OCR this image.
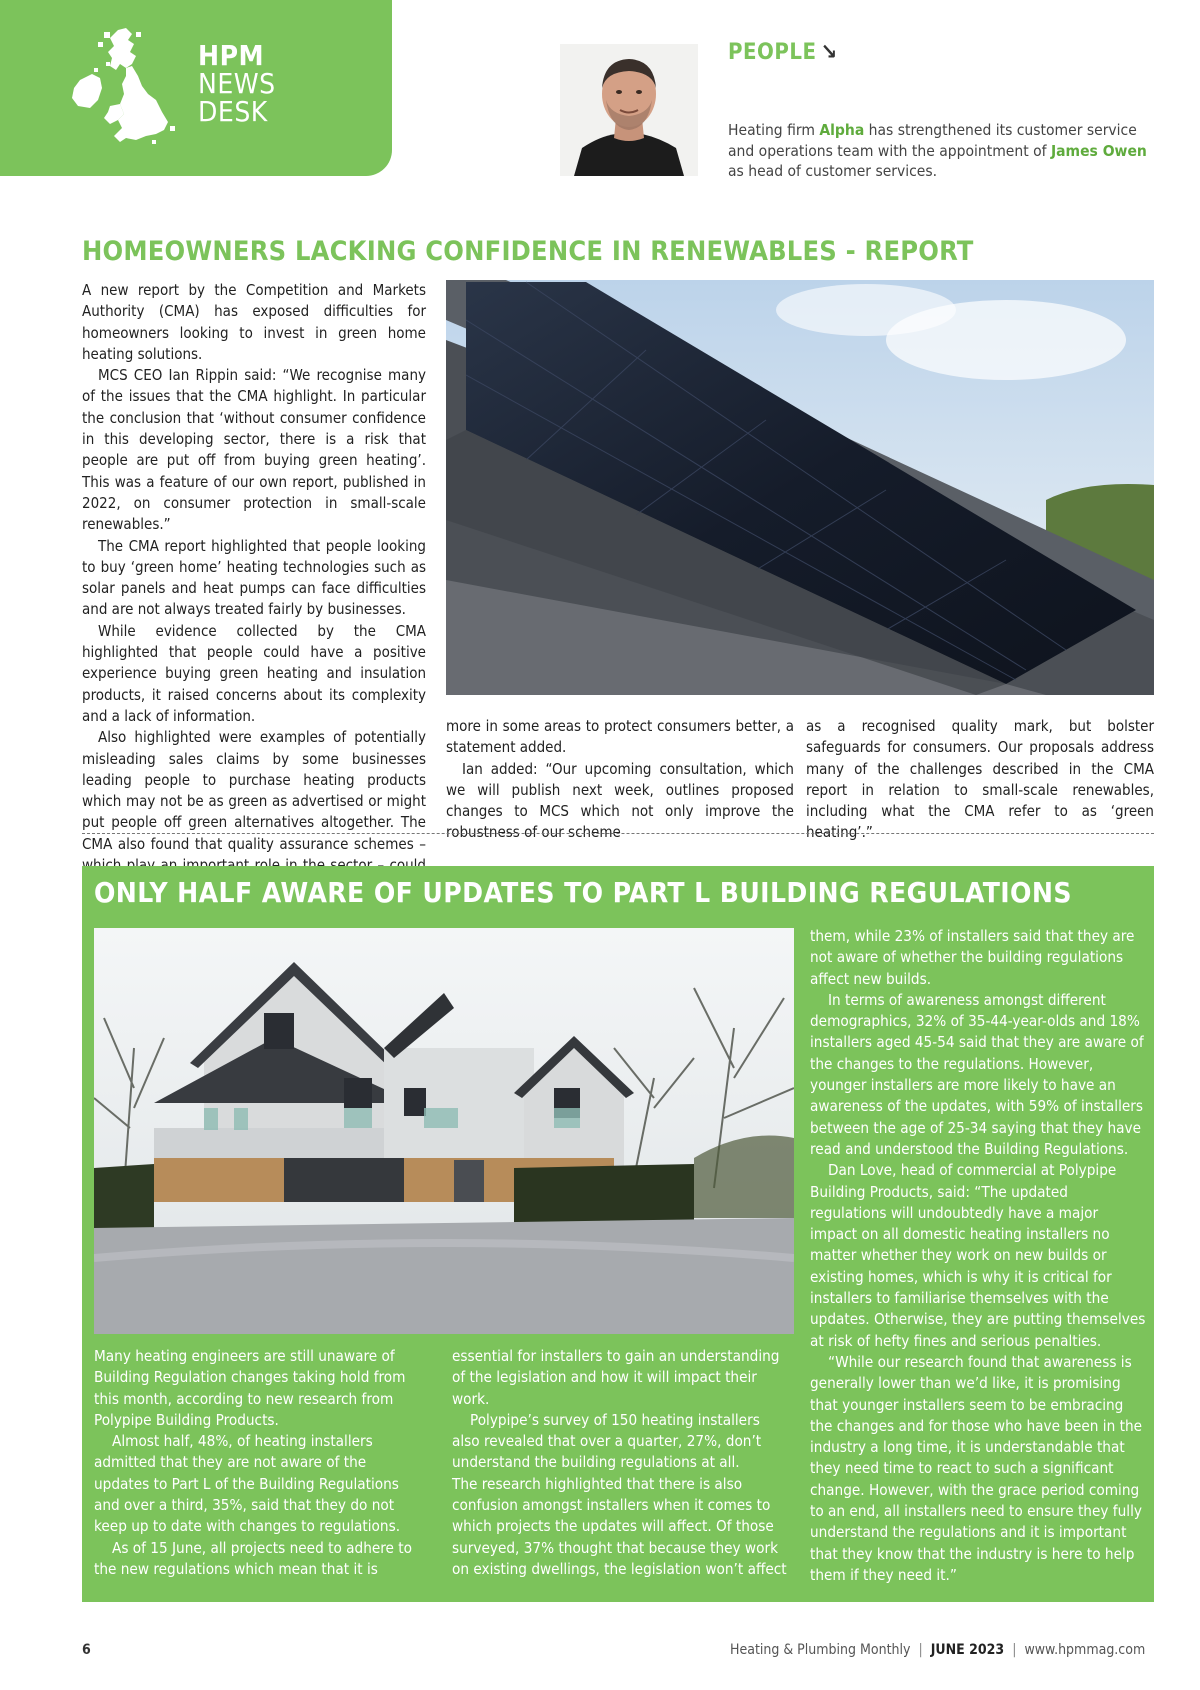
HPM
NEWS
DESK
PEOPLE ↘
Heating firm Alpha has strengthened its customer service and operations team with the appointment of James Owen as head of customer services.
HOMEOWNERS LACKING CONFIDENCE IN RENEWABLES - REPORT

A new report by the Competition and Markets Authority (CMA) has exposed difficulties for homeowners looking to invest in green home heating solutions.

MCS CEO Ian Rippin said: “We recognise many of the issues that the CMA highlight. In particular the conclusion that ‘without consumer confidence in this developing sector, there is a risk that people are put off from buying green heating’. This was a feature of our own report, published in 2022, on consumer protection in small-scale renewables.”

The CMA report highlighted that people looking to buy ‘green home’ heating technologies such as solar panels and heat pumps can face difficulties and are not always treated fairly by businesses.

While evidence collected by the CMA highlighted that people could have a positive experience buying green heating and insulation products, it raised concerns about its complexity and a lack of information.

Also highlighted were examples of potentially misleading sales claims by some businesses leading people to purchase heating products which may not be as green as advertised or might put people off green alternatives altogether. The CMA also found that quality assurance schemes –

more in some areas to protect consumers better, a statement added.

Ian added: “Our upcoming consultation, which we will publish next week, outlines proposed changes to MCS which not only improve the robustness of our scheme

as a recognised quality mark, but bolster safeguards for consumers. Our proposals address many of the challenges described in the CMA report in relation to small-scale renewables, including what the CMA refer to as ‘green heating’.”

ONLY HALF AWARE OF UPDATES TO PART L BUILDING REGULATIONS

Many heating engineers are still unaware of Building Regulation changes taking hold from this month, according to new research from Polypipe Building Products.

Almost half, 48%, of heating installers admitted that they are not aware of the updates to Part L of the Building Regulations and over a third, 35%, said that they do not keep up to date with changes to regulations.

As of 15 June, all projects need to adhere to the new regulations which mean that it is

essential for installers to gain an understanding of the legislation and how it will impact their work.

Polypipe’s survey of 150 heating installers also revealed that over a quarter, 27%, don’t understand the building regulations at all.

The research highlighted that there is also confusion amongst installers when it comes to which projects the updates will affect. Of those surveyed, 37% thought that because they work on existing dwellings, the legislation won’t affect

them, while 23% of installers said that they are not aware of whether the building regulations affect new builds.

In terms of awareness amongst different demographics, 32% of 35-44-year-olds and 18% installers aged 45-54 said that they are aware of the changes to the regulations. However, younger installers are more likely to have an awareness of the updates, with 59% of installers between the age of 25-34 saying that they have read and understood the Building Regulations.

Dan Love, head of commercial at Polypipe Building Products, said: “The updated regulations will undoubtedly have a major impact on all domestic heating installers no matter whether they work on new builds or existing homes, which is why it is critical for installers to familiarise themselves with the updates. Otherwise, they are putting themselves at risk of hefty fines and serious penalties.

“While our research found that awareness is generally lower than we’d like, it is promising that younger installers seem to be embracing the changes and for those who have been in the industry a long time, it is understandable that they need time to react to such a significant change. However, with the grace period coming to an end, all installers need to ensure they fully understand the regulations and it is important that they know that the industry is here to help them if they need it.”

6	Heating & Plumbing Monthly | JUNE 2023 | www.hpmmag.com
